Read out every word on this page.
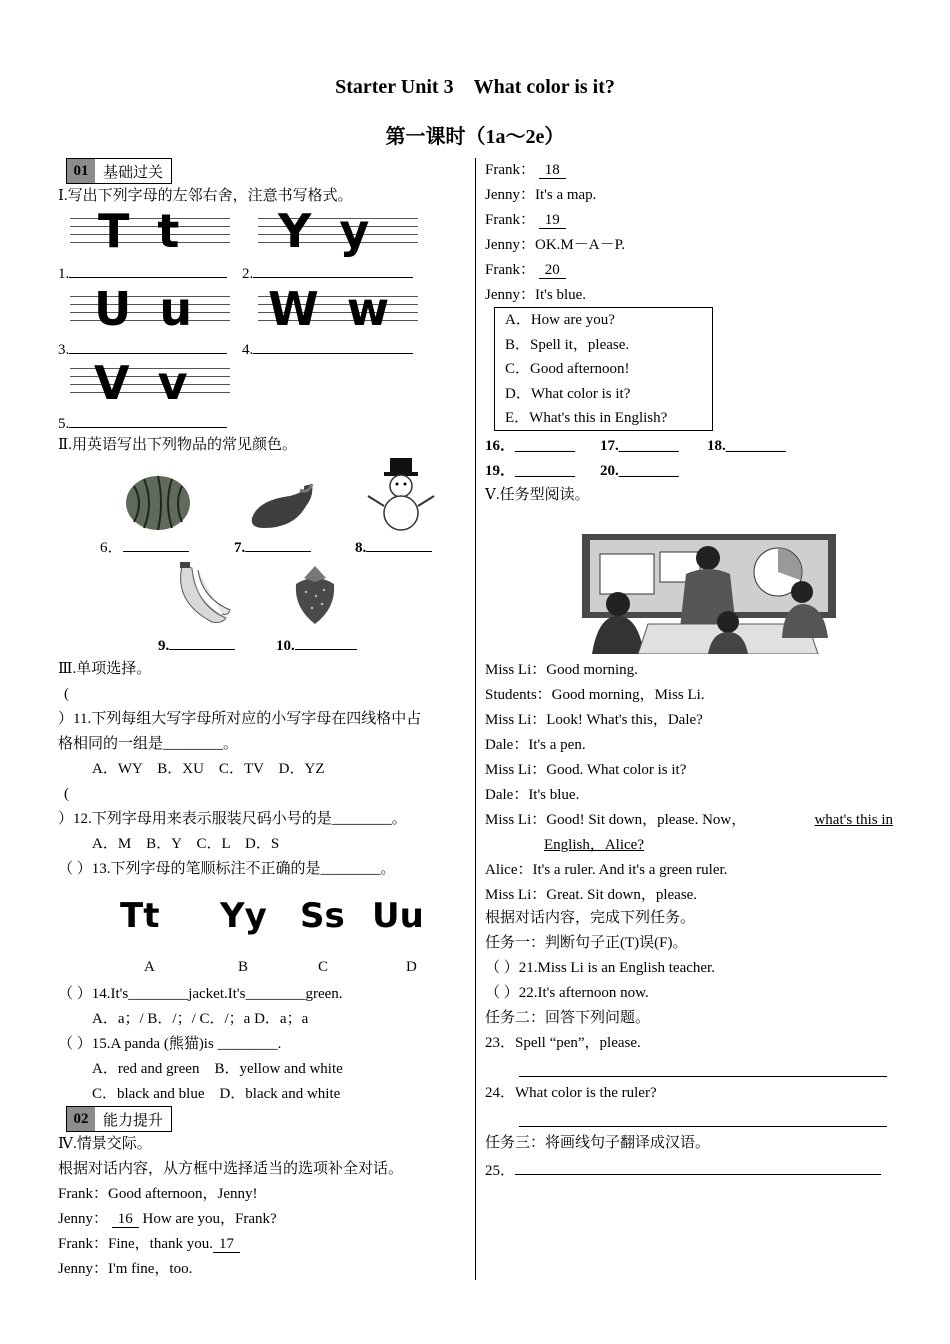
Starter Unit 3　What color is it?
第一课时（1a～2e）
01 基础过关
Ⅰ.写出下列字母的左邻右舍，注意书写格式。
T t
1.
Y y
2.
U u
3.
W w
4.
V v
5.
Ⅱ.用英语写出下列物品的常见颜色。
6．	7.	8.
9.	10.
Ⅲ.单项选择。
(
）11.下列每组大写字母所对应的小写字母在四线格中占
格相同的一组是________。
A．WY　B．XU　C．TV　D．YZ
(
）12.下列字母用来表示服装尺码小号的是________。
A．M　B．Y　C．L　D．S
（ ）13.下列字母的笔顺标注不正确的是________。
Tt Yy Ss Uu
A	B	C	D
（ ）14.It's________jacket.It's________green.
A．a；/ B．/；/ C．/；a D．a；a
（ ）15.A panda (熊猫)is ________.
A．red and green　B．yellow and white
C．black and blue　D．black and white
02 能力提升
Ⅳ.情景交际。
根据对话内容，从方框中选择适当的选项补全对话。
Frank：Good afternoon，Jenny!
Jenny： 16 How are you，Frank?
Frank：Fine，thank you. 17
Jenny：I'm fine，too.
Frank： 18
Jenny：It's a map.
Frank： 19
Jenny：OK.M－A－P.
Frank： 20
Jenny：It's blue.
A．How are you?
B．Spell it，please.
C．Good afternoon!
D．What color is it?
E．What's this in English?
16．________ 17.________ 18.________
19．________ 20.________
Ⅴ.任务型阅读。
Miss Li：Good morning.
Students：Good morning，Miss Li.
Miss Li：Look! What's this，Dale?
Dale：It's a pen.
Miss Li：Good. What color is it?
Dale：It's blue.
Miss Li：Good! Sit down，please. Now，	what's this in
English，Alice?
Alice：It's a ruler. And it's a green ruler.
Miss Li：Great. Sit down，please.
根据对话内容，完成下列任务。
任务一：判断句子正(T)误(F)。
（ ）21.Miss Li is an English teacher.
（ ）22.It's afternoon now.
任务二：回答下列问题。
23．Spell “pen”，please.
24．What color is the ruler?
任务三：将画线句子翻译成汉语。
25．
